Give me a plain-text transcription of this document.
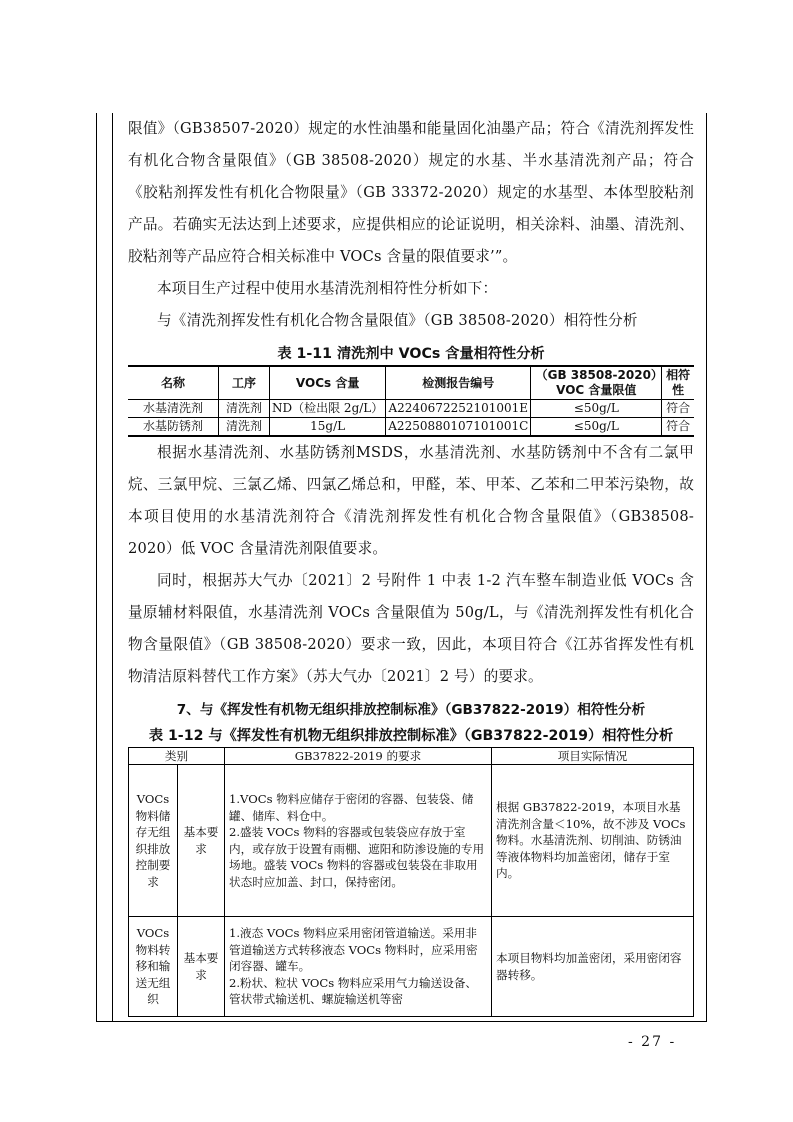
限值》（GB38507-2020）规定的水性油墨和能量固化油墨产品；符合《清洗剂挥发性有机化合物含量限值》（GB 38508-2020）规定的水基、半水基清洗剂产品；符合《胶粘剂挥发性有机化合物限量》（GB 33372-2020）规定的水基型、本体型胶粘剂产品。若确实无法达到上述要求，应提供相应的论证说明，相关涂料、油墨、清洗剂、胶粘剂等产品应符合相关标准中 VOCs 含量的限值要求’”。

本项目生产过程中使用水基清洗剂相符性分析如下：

与《清洗剂挥发性有机化合物含量限值》（GB 38508-2020）相符性分析

表 1-11 清洗剂中 VOCs 含量相符性分析
名称	工序	VOCs 含量	检测报告编号	（GB 38508-2020）VOC 含量限值	相符性
水基清洗剂	清洗剂	ND（检出限 2g/L）	A2240672252101001E	≤50g/L	符合
水基防锈剂	清洗剂	15g/L	A2250880107101001C	≤50g/L	符合

根据水基清洗剂、水基防锈剂MSDS，水基清洗剂、水基防锈剂中不含有二氯甲烷、三氯甲烷、三氯乙烯、四氯乙烯总和，甲醛，苯、甲苯、乙苯和二甲苯污染物，故本项目使用的水基清洗剂符合《清洗剂挥发性有机化合物含量限值》（GB38508-2020）低 VOC 含量清洗剂限值要求。

同时，根据苏大气办〔2021〕2 号附件 1 中表 1-2 汽车整车制造业低 VOCs 含量原辅材料限值，水基清洗剂 VOCs 含量限值为 50g/L，与《清洗剂挥发性有机化合物含量限值》（GB 38508-2020）要求一致，因此，本项目符合《江苏省挥发性有机物清洁原料替代工作方案》（苏大气办〔2021〕2 号）的要求。

7、与《挥发性有机物无组织排放控制标准》（GB37822-2019）相符性分析
表 1-12 与《挥发性有机物无组织排放控制标准》（GB37822-2019）相符性分析
类别		GB37822-2019 的要求	项目实际情况
VOCs物料储存无组织排放控制要求	基本要求	1.VOCs 物料应储存于密闭的容器、包装袋、储罐、储库、料仓中。
2.盛装 VOCs 物料的容器或包装袋应存放于室内，或存放于设置有雨棚、遮阳和防渗设施的专用场地。盛装 VOCs 物料的容器或包装袋在非取用状态时应加盖、封口，保持密闭。	根据 GB37822-2019，本项目水基清洗剂含量＜10%，故不涉及 VOCs 物料。水基清洗剂、切削油、防锈油等液体物料均加盖密闭，储存于室内。
VOCs物料转移和输送无组织	基本要求	1.液态 VOCs 物料应采用密闭管道输送。采用非管道输送方式转移液态 VOCs 物料时，应采用密闭容器、罐车。
2.粉状、粒状 VOCs 物料应采用气力输送设备、管状带式输送机、螺旋输送机等密	本项目物料均加盖密闭，采用密闭容器转移。
- 27 -
